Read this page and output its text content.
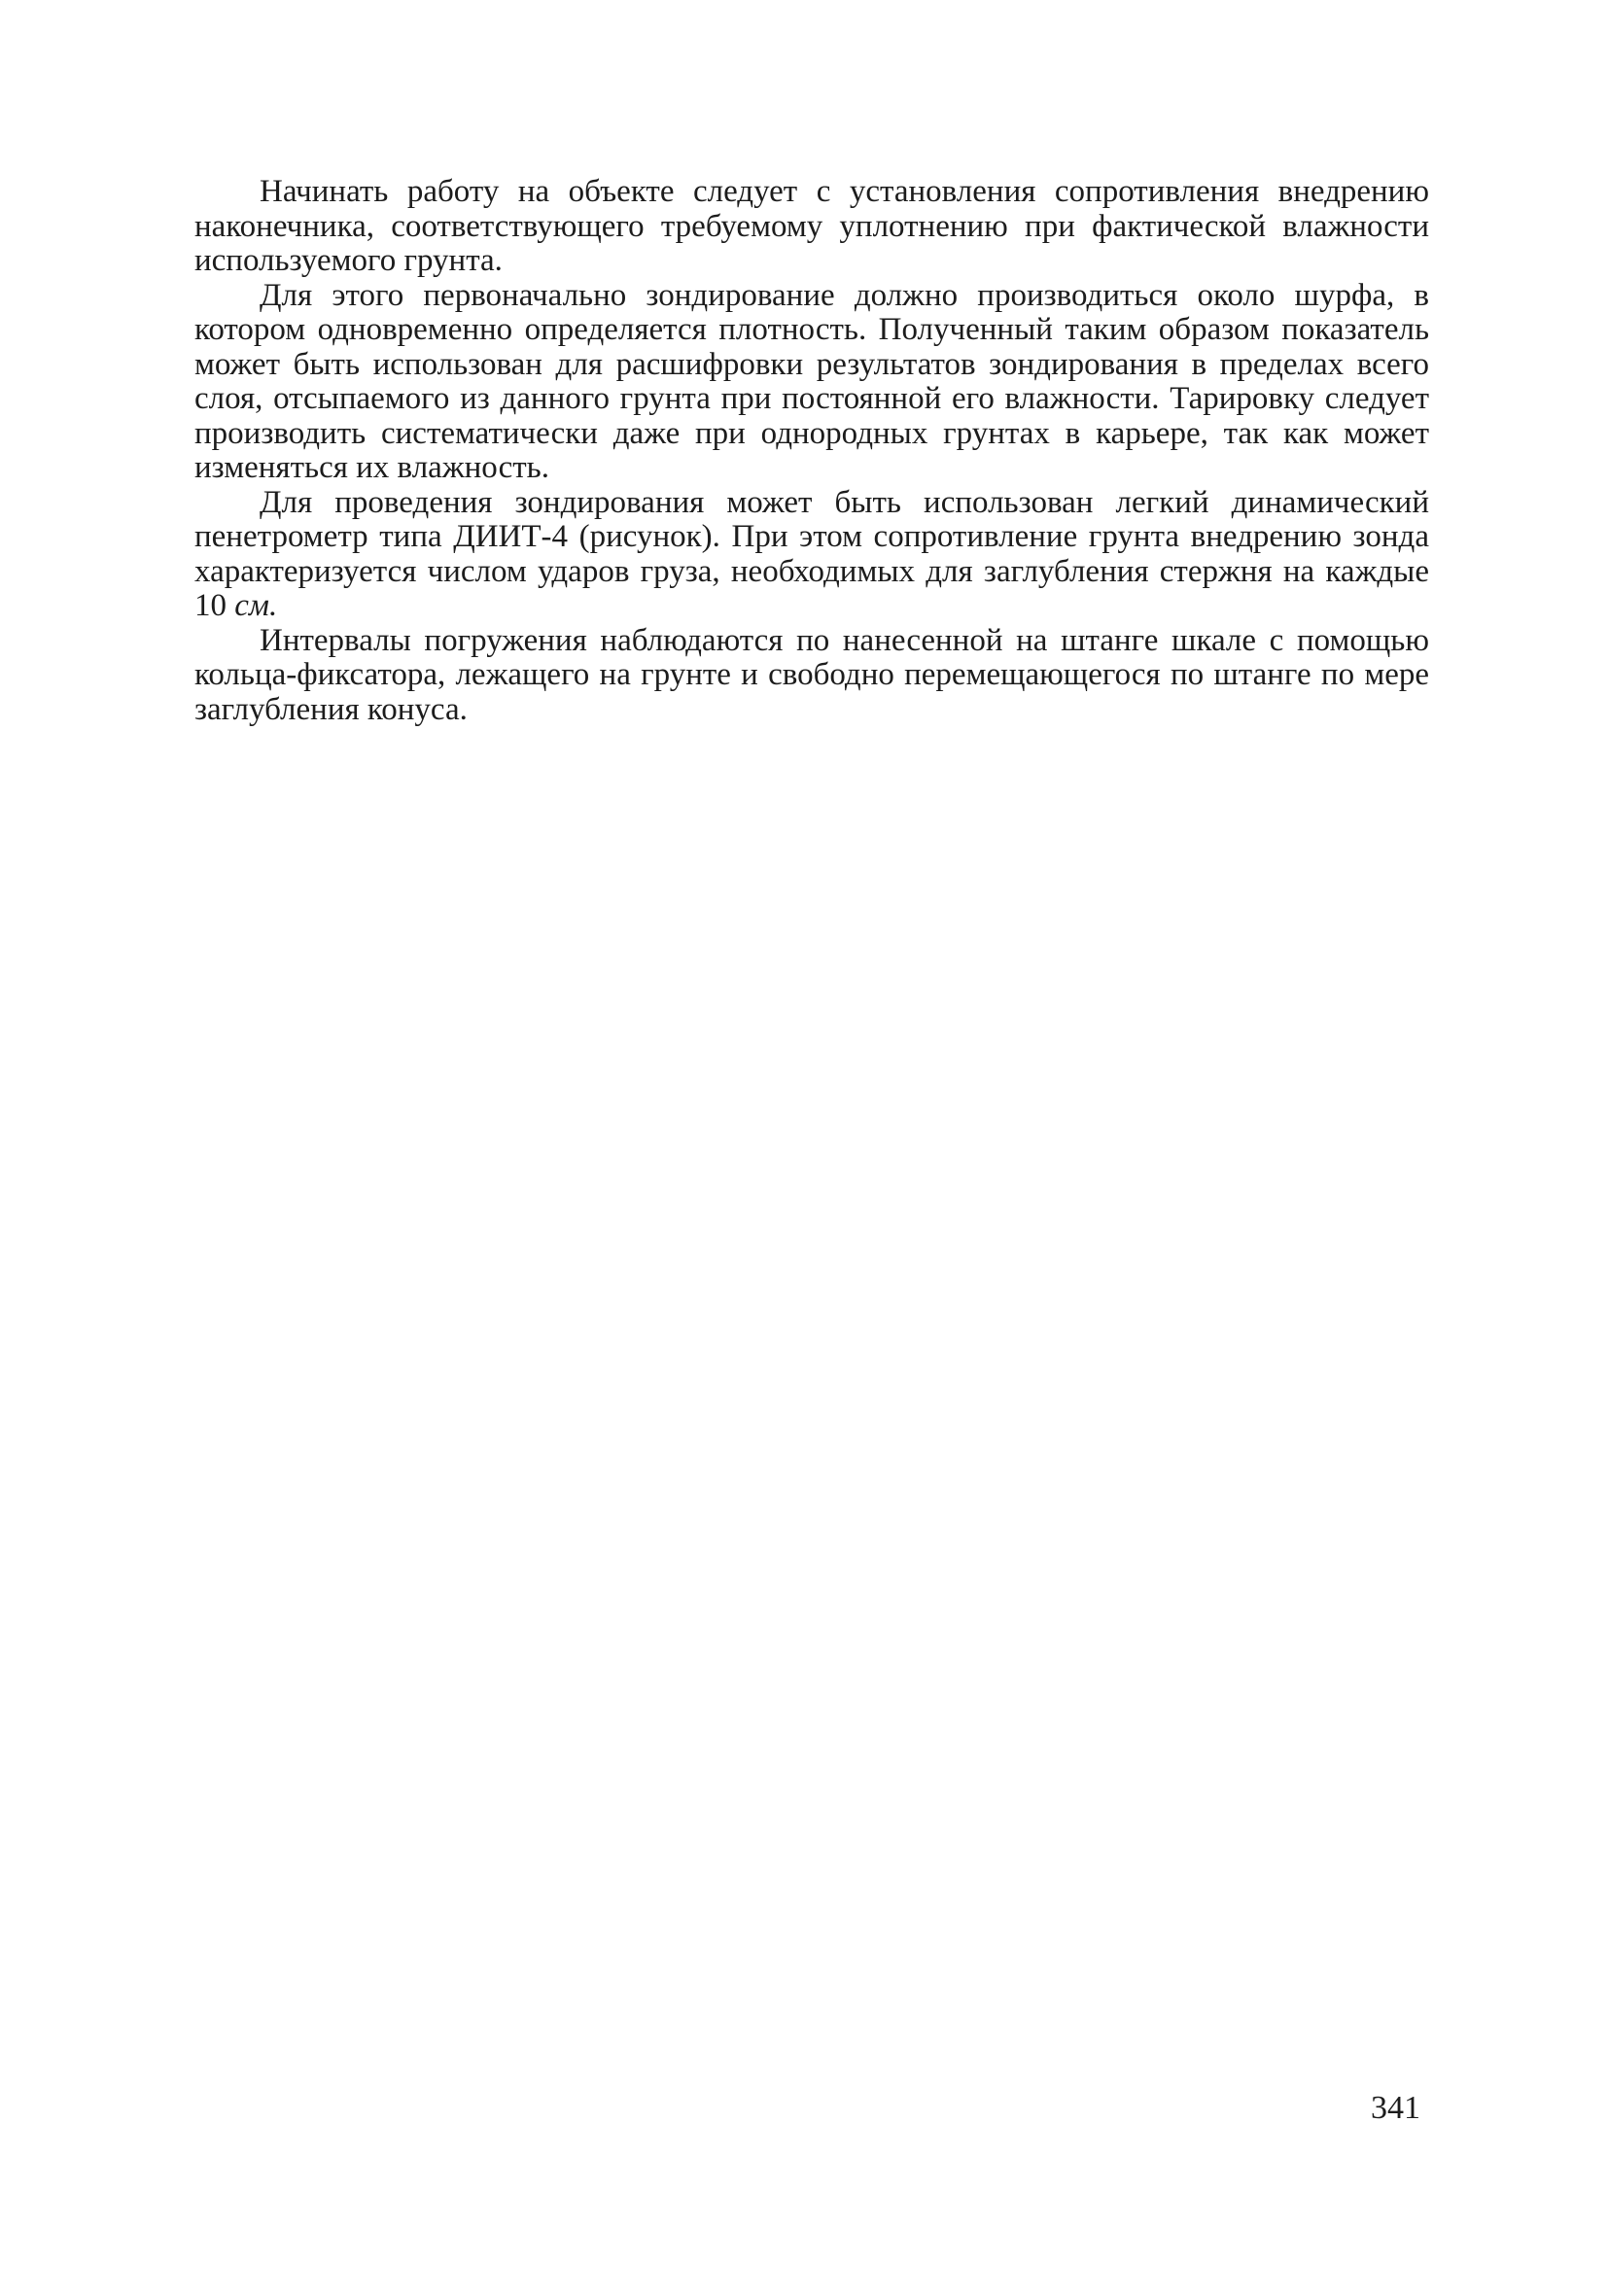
Начинать работу на объекте следует с установления сопротивления внедрению наконечника, соответствующего требуемому уплотнению при фактической влажности используемого грунта.

Для этого первоначально зондирование должно производиться около шурфа, в котором одновременно определяется плотность. Полученный таким образом показатель может быть использован для расшифровки результатов зондирования в пределах всего слоя, отсыпаемого из данного грунта при постоянной его влажности. Тарировку следует производить систематически даже при однородных грунтах в карьере, так как может изменяться их влажность.

Для проведения зондирования может быть использован легкий динамический пенетрометр типа ДИИТ-4 (рисунок). При этом сопротивление грунта внедрению зонда характеризуется числом ударов груза, необходимых для заглубления стержня на каждые 10 см.

Интервалы погружения наблюдаются по нанесенной на штанге шкале с помощью кольца-фиксатора, лежащего на грунте и свободно перемещающегося по штанге по мере заглубления конуса.

341
